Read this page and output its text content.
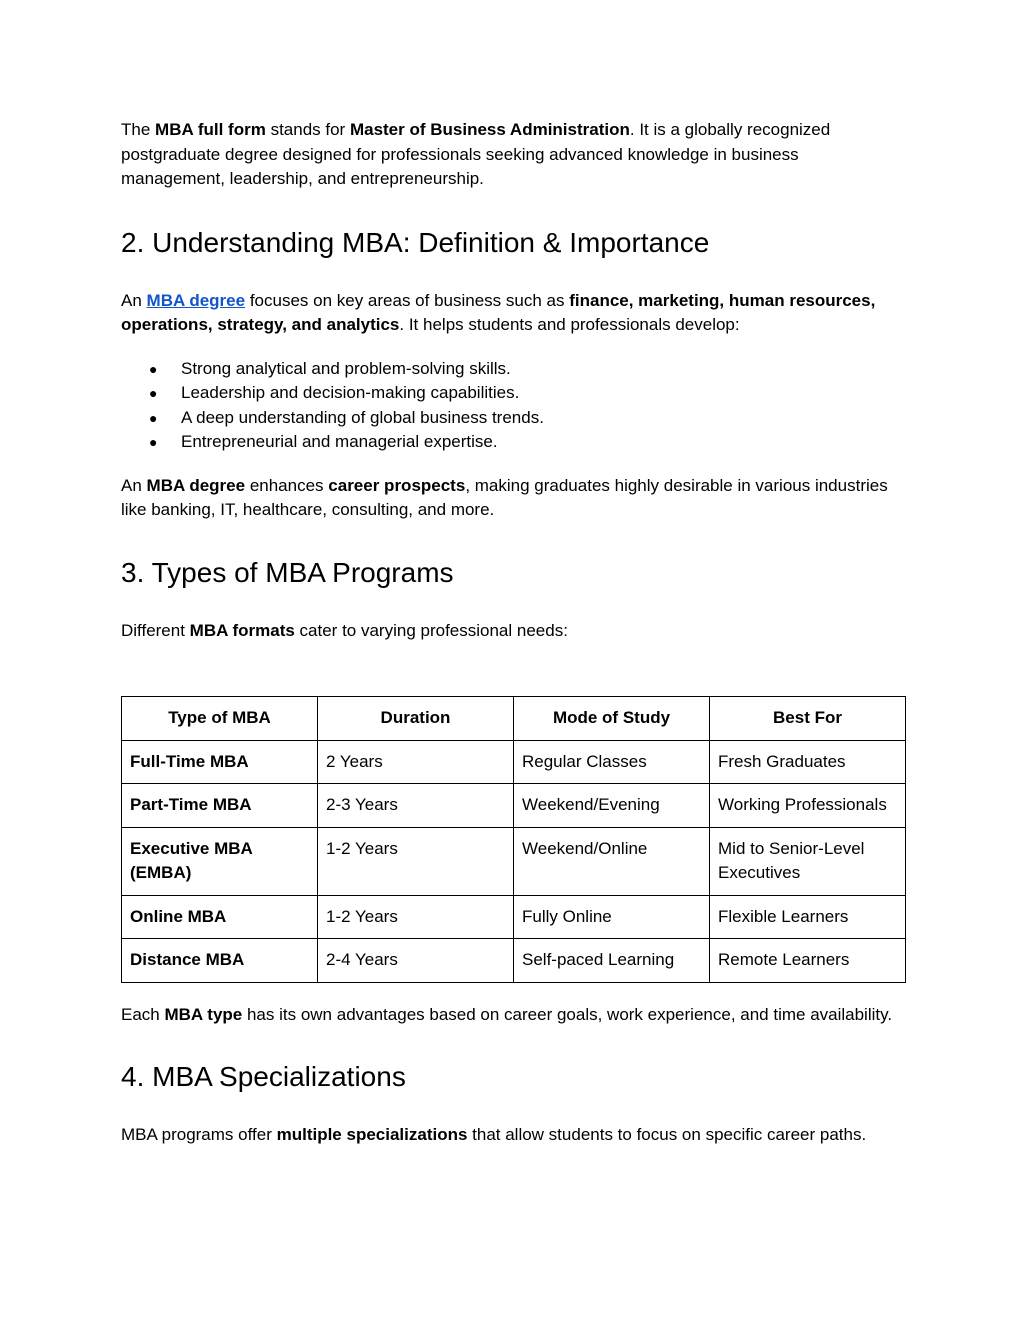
The MBA full form stands for Master of Business Administration. It is a globally recognized postgraduate degree designed for professionals seeking advanced knowledge in business management, leadership, and entrepreneurship.

2. Understanding MBA: Definition & Importance

An MBA degree focuses on key areas of business such as finance, marketing, human resources, operations, strategy, and analytics. It helps students and professionals develop:

● Strong analytical and problem-solving skills.
● Leadership and decision-making capabilities.
● A deep understanding of global business trends.
● Entrepreneurial and managerial expertise.

An MBA degree enhances career prospects, making graduates highly desirable in various industries like banking, IT, healthcare, consulting, and more.

3. Types of MBA Programs

Different MBA formats cater to varying professional needs:

Type of MBA	Duration	Mode of Study	Best For
Full-Time MBA	2 Years	Regular Classes	Fresh Graduates
Part-Time MBA	2-3 Years	Weekend/Evening	Working Professionals
Executive MBA (EMBA)	1-2 Years	Weekend/Online	Mid to Senior-Level Executives
Online MBA	1-2 Years	Fully Online	Flexible Learners
Distance MBA	2-4 Years	Self-paced Learning	Remote Learners

Each MBA type has its own advantages based on career goals, work experience, and time availability.

4. MBA Specializations

MBA programs offer multiple specializations that allow students to focus on specific career paths.
